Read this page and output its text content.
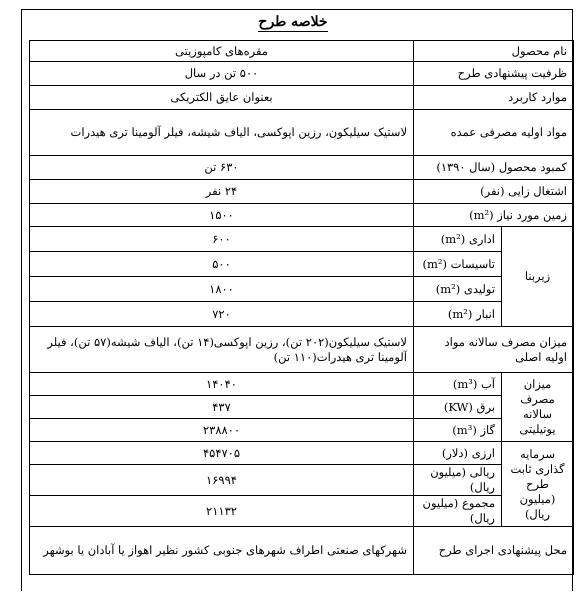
خلاصه طرح
نام محصول		مقره‌های کامپوزیتی
ظرفیت پیشنهادی طرح		۵۰۰ تن در سال
موارد کاربرد		بعنوان عایق الکتریکی
مواد اولیه مصرفی عمده		لاستیک سیلیکون، رزین اپوکسی، الیاف شیشه، فیلر آلومینا تری هیدرات
کمبود محصول (سال ۱۳۹۰)		۶۳۰ تن
اشتغال زایی (نفر)		۲۴ نفر
زمین مورد نیاز (m²)		۱۵۰۰
زیربنا	اداری (m²)	۶۰۰
	تاسیسات (m²)	۵۰۰
	تولیدی (m²)	۱۸۰۰
	انبار (m²)	۷۲۰
میزان مصرف سالانه مواد اولیه اصلی		لاستیک سیلیکون(۲۰۲ تن)، رزین اپوکسی(۱۴ تن)، الیاف شیشه(۵۷ تن)، فیلر آلومینا تری هیدرات(۱۱۰ تن)
میزان مصرف سالانه یوتیلیتی	آب (m³)	۱۴۰۴۰
	برق (KW)	۴۳۷
	گاز (m³)	۲۳۸۸۰۰
سرمایه گذاری ثابت طرح (میلیون ریال)	ارزی (دلار)	۴۵۴۷۰۵
	ریالی (میلیون ریال)	۱۶۹۹۴
	مجموع (میلیون ریال)	۲۱۱۳۲
محل پیشنهادی اجرای طرح		شهرکهای صنعتی اطراف شهرهای جنوبی کشور نظیر اهواز یا آبادان یا بوشهر
